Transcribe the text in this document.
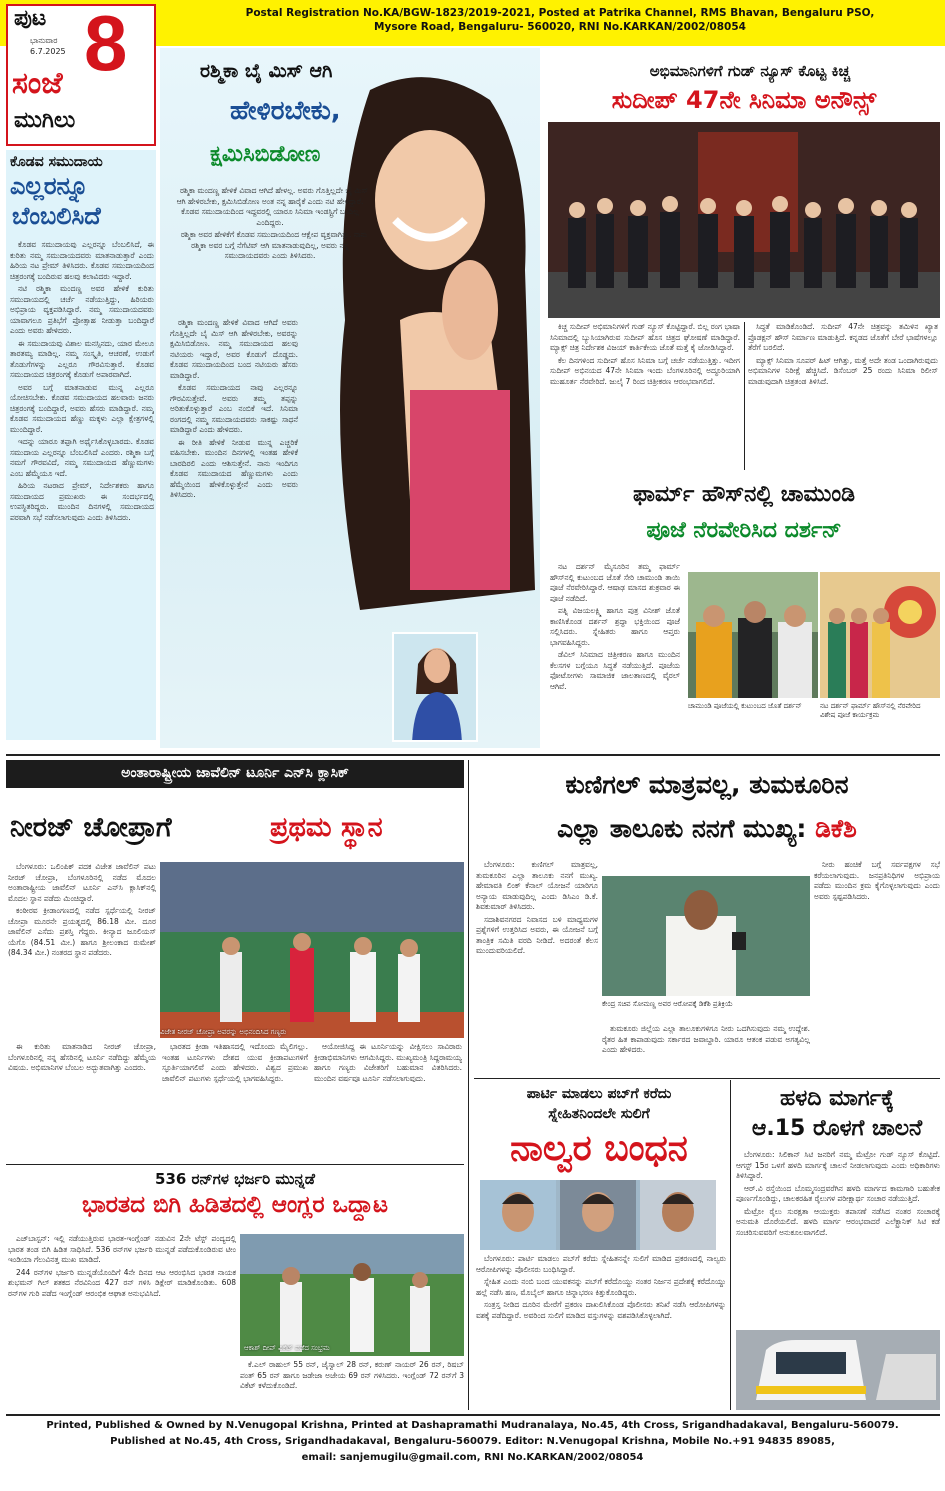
ಪುಟ
ಭಾನುವಾರ
6.7.2025 8
ಸಂಜೆ
ಮುಗಿಲು
Postal Registration No.KA/BGW-1823/2019-2021, Posted at Patrika Channel, RMS Bhavan, Bengaluru PSO, Mysore Road, Bengaluru- 560020, RNI No.KARKAN/2002/08054
ಕೊಡವ ಸಮುದಾಯ
ಎಲ್ಲರನ್ನೂ
ಬೆಂಬಲಿಸಿದೆ

ಕೊಡವ ಸಮುದಾಯವು ಎಲ್ಲರನ್ನೂ ಬೆಂಬಲಿಸಿದೆ, ಈ ಕುರಿತು ನಮ್ಮ ಸಮುದಾಯದವರು ಮಾತನಾಡುತ್ತಾರೆ ಎಂದು ಹಿರಿಯ ನಟ ಪ್ರೇಮ್ ತಿಳಿಸಿದರು. ಕೊಡವ ಸಮುದಾಯದಿಂದ ಚಿತ್ರರಂಗಕ್ಕೆ ಬಂದಿರುವ ಹಲವು ಕಲಾವಿದರು ಇದ್ದಾರೆ.

ನಟಿ ರಶ್ಮಿಕಾ ಮಂದಣ್ಣ ಅವರ ಹೇಳಿಕೆ ಕುರಿತು ಸಮುದಾಯದಲ್ಲಿ ಚರ್ಚೆ ನಡೆಯುತ್ತಿದ್ದು, ಹಿರಿಯರು ಅಭಿಪ್ರಾಯ ವ್ಯಕ್ತಪಡಿಸಿದ್ದಾರೆ. ನಮ್ಮ ಸಮುದಾಯದವರು ಯಾವಾಗಲೂ ಪ್ರತಿಭೆಗೆ ಪ್ರೋತ್ಸಾಹ ನೀಡುತ್ತಾ ಬಂದಿದ್ದಾರೆ ಎಂದು ಅವರು ಹೇಳಿದರು.

ಈ ಸಮುದಾಯವು ವಿಶಾಲ ಮನಸ್ಸಿನದು, ಯಾರ ಮೇಲೂ ತಾರತಮ್ಯ ಮಾಡಿಲ್ಲ. ನಮ್ಮ ಸಂಸ್ಕೃತಿ, ಆಚರಣೆ, ಉಡುಗೆ ತೊಡುಗೆಗಳನ್ನು ಎಲ್ಲರೂ ಗೌರವಿಸುತ್ತಾರೆ. ಕೊಡವ ಸಮುದಾಯದ ಚಿತ್ರರಂಗಕ್ಕೆ ಕೊಡುಗೆ ಅಪಾರವಾಗಿದೆ.

ಅವರ ಬಗ್ಗೆ ಮಾತನಾಡುವ ಮುನ್ನ ಎಲ್ಲರೂ ಯೋಚಿಸಬೇಕು. ಕೊಡವ ಸಮುದಾಯದ ಹಲವಾರು ಜನರು ಚಿತ್ರರಂಗಕ್ಕೆ ಬಂದಿದ್ದಾರೆ, ಅವರು ಹೆಸರು ಮಾಡಿದ್ದಾರೆ. ನಮ್ಮ ಕೊಡವ ಸಮುದಾಯದ ಹೆಣ್ಣು ಮಕ್ಕಳು ಎಲ್ಲಾ ಕ್ಷೇತ್ರಗಳಲ್ಲಿ ಮುಂದಿದ್ದಾರೆ.

ಇದನ್ನು ಯಾರೂ ತಪ್ಪಾಗಿ ಅರ್ಥೈಸಿಕೊಳ್ಳಬಾರದು. ಕೊಡವ ಸಮುದಾಯ ಎಲ್ಲರನ್ನೂ ಬೆಂಬಲಿಸಿದೆ ಎಂದರು. ರಶ್ಮಿಕಾ ಬಗ್ಗೆ ನಮಗೆ ಗೌರವವಿದೆ, ನಮ್ಮ ಸಮುದಾಯದ ಹೆಣ್ಣುಮಗಳು ಎಂಬ ಹೆಮ್ಮೆಯೂ ಇದೆ.

ಹಿರಿಯ ನಟರಾದ ಪ್ರೇಮ್, ನಿರ್ದೇಶಕರು ಹಾಗೂ ಸಮುದಾಯದ ಪ್ರಮುಖರು ಈ ಸಂದರ್ಭದಲ್ಲಿ ಉಪಸ್ಥಿತರಿದ್ದರು. ಮುಂದಿನ ದಿನಗಳಲ್ಲಿ ಸಮುದಾಯದ ಪರವಾಗಿ ಸಭೆ ನಡೆಸಲಾಗುವುದು ಎಂದು ತಿಳಿಸಿದರು.

ರಶ್ಮಿಕಾ ಬೈ ಮಿಸ್ ಆಗಿ
ಹೇಳಿರಬೇಕು,
ಕ್ಷಮಿಸಿಬಿಡೋಣ

ರಶ್ಮಿಕಾ ಮಂದಣ್ಣ ಹೇಳಿಕೆ ವಿವಾದ ಆಗಿದೆ ಹೇಳಲ್ಲ. ಅವರು ಗೊತ್ತಿಲ್ಲದೇ ಬೈ ಮಿಸ್ ಆಗಿ ಹೇಳಿರಬೇಕು, ಕ್ಷಮಿಸಿಬಿಡೋಣ ಅಂತ ನನ್ನ ಹಾರೈಕೆ ಎಂದು ನಟಿ ಹೇಳಿದ್ದಾರೆ. ಕೊಡವ ಸಮುದಾಯದಿಂದ ಇದ್ದವರಲ್ಲಿ ಯಾರೂ ಸಿನಿಮಾ ಇಂಡಸ್ಟ್ರಿಗೆ ಬಂದಿಲ್ಲ ಎಂದಿದ್ದರು.

ರಶ್ಮಿಕಾ ಅವರ ಹೇಳಿಕೆಗೆ ಕೊಡವ ಸಮುದಾಯದಿಂದ ಆಕ್ಷೇಪ ವ್ಯಕ್ತವಾಗಿತ್ತು. ನಾನು ರಶ್ಮಿಕಾ ಅವರ ಬಗ್ಗೆ ನೆಗೆಟಿವ್ ಆಗಿ ಮಾತನಾಡುವುದಿಲ್ಲ, ಅವರು ನನ್ನ ಸಮುದಾಯದವರು ಎಂದು ತಿಳಿಸಿದರು.

ರಶ್ಮಿಕಾ ಮಂದಣ್ಣ ಹೇಳಿಕೆ ವಿವಾದ ಆಗಿದೆ ಅವರು ಗೊತ್ತಿಲ್ಲದೇ ಬೈ ಮಿಸ್ ಆಗಿ ಹೇಳಿರಬೇಕು, ಅವರನ್ನು ಕ್ಷಮಿಸಿಬಿಡೋಣ. ನಮ್ಮ ಸಮುದಾಯದ ಹಲವು ನಟಿಯರು ಇದ್ದಾರೆ, ಅವರ ಕೊಡುಗೆ ದೊಡ್ಡದು. ಕೊಡವ ಸಮುದಾಯದಿಂದ ಬಂದ ನಟಿಯರು ಹೆಸರು ಮಾಡಿದ್ದಾರೆ.

ಕೊಡವ ಸಮುದಾಯದ ನಾವು ಎಲ್ಲರನ್ನೂ ಗೌರವಿಸುತ್ತೇವೆ. ಅವರು ತಮ್ಮ ತಪ್ಪನ್ನು ಅರಿತುಕೊಳ್ಳುತ್ತಾರೆ ಎಂಬ ನಂಬಿಕೆ ಇದೆ. ಸಿನಿಮಾ ರಂಗದಲ್ಲಿ ನಮ್ಮ ಸಮುದಾಯದವರು ಸಾಕಷ್ಟು ಸಾಧನೆ ಮಾಡಿದ್ದಾರೆ ಎಂದು ಹೇಳಿದರು.

ಈ ರೀತಿ ಹೇಳಿಕೆ ನೀಡುವ ಮುನ್ನ ಎಚ್ಚರಿಕೆ ವಹಿಸಬೇಕು. ಮುಂದಿನ ದಿನಗಳಲ್ಲಿ ಇಂತಹ ಹೇಳಿಕೆ ಬಾರದಿರಲಿ ಎಂದು ಆಶಿಸುತ್ತೇನೆ. ನಾನು ಇಂದಿಗೂ ಕೊಡವ ಸಮುದಾಯದ ಹೆಣ್ಣುಮಗಳು ಎಂದು ಹೆಮ್ಮೆಯಿಂದ ಹೇಳಿಕೊಳ್ಳುತ್ತೇನೆ ಎಂದು ಅವರು ತಿಳಿಸಿದರು.

ಅಭಿಮಾನಿಗಳಿಗೆ ಗುಡ್ ನ್ಯೂಸ್ ಕೊಟ್ಟ ಕಿಚ್ಚ
ಸುದೀಪ್ 47ನೇ ಸಿನಿಮಾ ಅನೌನ್ಸ್

ಕಿಚ್ಚ ಸುದೀಪ್ ಅಭಿಮಾನಿಗಳಿಗೆ ಗುಡ್ ನ್ಯೂಸ್ ಕೊಟ್ಟಿದ್ದಾರೆ. ಬಿಲ್ಲ ರಂಗ ಭಾಷಾ ಸಿನಿಮಾದಲ್ಲಿ ಬ್ಯುಸಿಯಾಗಿರುವ ಸುದೀಪ್ ಹೊಸ ಚಿತ್ರದ ಘೋಷಣೆ ಮಾಡಿದ್ದಾರೆ. ಮ್ಯಾಕ್ಸ್ ಚಿತ್ರ ನಿರ್ದೇಶಕ ವಿಜಯ್ ಕಾರ್ತಿಕೇಯ ಜೊತೆ ಮತ್ತೆ ಕೈ ಜೋಡಿಸಿದ್ದಾರೆ.

ಕೆಲ ದಿನಗಳಿಂದ ಸುದೀಪ್ ಹೊಸ ಸಿನಿಮಾ ಬಗ್ಗೆ ಚರ್ಚೆ ನಡೆಯುತ್ತಿತ್ತು. ಇದೀಗ ಸುದೀಪ್ ಅಭಿನಯದ 47ನೇ ಸಿನಿಮಾ ಇಂದು ಬೆಂಗಳೂರಿನಲ್ಲಿ ಅದ್ಧೂರಿಯಾಗಿ ಮುಹೂರ್ತ ನೆರವೇರಿದೆ. ಜುಲೈ 7 ರಿಂದ ಚಿತ್ರೀಕರಣ ಆರಂಭವಾಗಲಿದೆ.

ಸಿದ್ಧತೆ ಮಾಡಿಕೊಂಡಿದೆ. ಸುದೀಪ್ 47ನೇ ಚಿತ್ರವನ್ನು ತಮಿಳಿನ ಖ್ಯಾತ ಪ್ರೊಡಕ್ಷನ್ ಹೌಸ್ ನಿರ್ಮಾಣ ಮಾಡುತ್ತಿದೆ. ಕನ್ನಡದ ಜೊತೆಗೆ ಬೇರೆ ಭಾಷೆಗಳಲ್ಲೂ ತೆರೆಗೆ ಬರಲಿದೆ.

ಮ್ಯಾಕ್ಸ್ ಸಿನಿಮಾ ಸೂಪರ್ ಹಿಟ್ ಆಗಿತ್ತು, ಮತ್ತೆ ಅದೇ ತಂಡ ಒಂದಾಗಿರುವುದು ಅಭಿಮಾನಿಗಳ ನಿರೀಕ್ಷೆ ಹೆಚ್ಚಿಸಿದೆ. ಡಿಸೆಂಬರ್ 25 ರಂದು ಸಿನಿಮಾ ರಿಲೀಸ್ ಮಾಡುವುದಾಗಿ ಚಿತ್ರತಂಡ ತಿಳಿಸಿದೆ.

ಫಾರ್ಮ್ ಹೌಸ್‌ನಲ್ಲಿ ಚಾಮುಂಡಿ
ಪೂಜೆ ನೆರವೇರಿಸಿದ ದರ್ಶನ್

ನಟ ದರ್ಶನ್ ಮೈಸೂರಿನ ತಮ್ಮ ಫಾರ್ಮ್ ಹೌಸ್‌ನಲ್ಲಿ ಕುಟುಂಬದ ಜೊತೆ ಸೇರಿ ಚಾಮುಂಡಿ ತಾಯಿ ಪೂಜೆ ನೆರವೇರಿಸಿದ್ದಾರೆ. ಆಷಾಢ ಮಾಸದ ಶುಕ್ರವಾರ ಈ ಪೂಜೆ ನಡೆದಿದೆ.

ಪತ್ನಿ ವಿಜಯಲಕ್ಷ್ಮಿ ಹಾಗೂ ಪುತ್ರ ವಿನೀಶ್ ಜೊತೆ ಕಾಣಿಸಿಕೊಂಡ ದರ್ಶನ್ ಶ್ರದ್ಧಾ ಭಕ್ತಿಯಿಂದ ಪೂಜೆ ಸಲ್ಲಿಸಿದರು. ಸ್ನೇಹಿತರು ಹಾಗೂ ಆಪ್ತರು ಭಾಗವಹಿಸಿದ್ದರು.

ಡೆವಿಲ್ ಸಿನಿಮಾದ ಚಿತ್ರೀಕರಣ ಹಾಗೂ ಮುಂದಿನ ಕೆಲಸಗಳ ಬಗ್ಗೆಯೂ ಸಿದ್ಧತೆ ನಡೆಯುತ್ತಿದೆ. ಪೂಜೆಯ ಫೋಟೋಗಳು ಸಾಮಾಜಿಕ ಜಾಲತಾಣದಲ್ಲಿ ವೈರಲ್ ಆಗಿವೆ.

ಚಾಮುಂಡಿ ಪೂಜೆಯಲ್ಲಿ ಕುಟುಂಬದ ಜೊತೆ ದರ್ಶನ್	ನಟ ದರ್ಶನ್ ಫಾರ್ಮ್ ಹೌಸ್‌ನಲ್ಲಿ ನೆರವೇರಿದ ವಿಶೇಷ ಪೂಜೆ ಕಾರ್ಯಕ್ರಮ
ಅಂತಾರಾಷ್ಟ್ರೀಯ ಜಾವೆಲಿನ್ ಟೂರ್ನಿ ಎನ್‌ಸಿ ಕ್ಲಾಸಿಕ್
ನೀರಜ್ ಚೋಪ್ರಾಗೆ	ಪ್ರಥಮ ಸ್ಥಾನ

ಬೆಂಗಳೂರು: ಒಲಿಂಪಿಕ್ ಪದಕ ವಿಜೇತ ಜಾವೆಲಿನ್ ಪಟು ನೀರಜ್ ಚೋಪ್ರಾ, ಬೆಂಗಳೂರಿನಲ್ಲಿ ನಡೆದ ಮೊದಲ ಅಂತಾರಾಷ್ಟ್ರೀಯ ಜಾವೆಲಿನ್ ಟೂರ್ನಿ ಎನ್‌ಸಿ ಕ್ಲಾಸಿಕ್‌ನಲ್ಲಿ ಮೊದಲ ಸ್ಥಾನ ಪಡೆದು ಮಿಂಚಿದ್ದಾರೆ.

ಕಂಠೀರವ ಕ್ರೀಡಾಂಗಣದಲ್ಲಿ ನಡೆದ ಸ್ಪರ್ಧೆಯಲ್ಲಿ ನೀರಜ್ ಚೋಪ್ರಾ ಮೂರನೇ ಪ್ರಯತ್ನದಲ್ಲಿ 86.18 ಮೀ. ದೂರ ಜಾವೆಲಿನ್ ಎಸೆದು ಪ್ರಶಸ್ತಿ ಗೆದ್ದರು. ಕೀನ್ಯಾದ ಜೂಲಿಯಸ್ ಯೆಗೊ (84.51 ಮೀ.) ಹಾಗೂ ಶ್ರೀಲಂಕಾದ ರುಮೇಶ್ (84.34 ಮೀ.) ನಂತರದ ಸ್ಥಾನ ಪಡೆದರು.

ಈ ಕುರಿತು ಮಾತನಾಡಿದ ನೀರಜ್ ಚೋಪ್ರಾ, ಬೆಂಗಳೂರಿನಲ್ಲಿ ನನ್ನ ಹೆಸರಿನಲ್ಲಿ ಟೂರ್ನಿ ನಡೆದಿದ್ದು ಹೆಮ್ಮೆಯ ವಿಷಯ. ಅಭಿಮಾನಿಗಳ ಬೆಂಬಲ ಅದ್ಭುತವಾಗಿತ್ತು ಎಂದರು.

ಭಾರತದ ಕ್ರೀಡಾ ಇತಿಹಾಸದಲ್ಲಿ ಇದೊಂದು ಮೈಲಿಗಲ್ಲು. ಇಂತಹ ಟೂರ್ನಿಗಳು ದೇಶದ ಯುವ ಕ್ರೀಡಾಪಟುಗಳಿಗೆ ಸ್ಫೂರ್ತಿಯಾಗಲಿವೆ ಎಂದು ಹೇಳಿದರು. ವಿಶ್ವದ ಪ್ರಮುಖ ಜಾವೆಲಿನ್ ಪಟುಗಳು ಸ್ಪರ್ಧೆಯಲ್ಲಿ ಭಾಗವಹಿಸಿದ್ದರು.

ಆಯೋಜಿಸಿದ್ದ ಈ ಟೂರ್ನಿಯನ್ನು ವೀಕ್ಷಿಸಲು ಸಾವಿರಾರು ಕ್ರೀಡಾಭಿಮಾನಿಗಳು ಆಗಮಿಸಿದ್ದರು. ಮುಖ್ಯಮಂತ್ರಿ ಸಿದ್ದರಾಮಯ್ಯ ಹಾಗೂ ಗಣ್ಯರು ವಿಜೇತರಿಗೆ ಬಹುಮಾನ ವಿತರಿಸಿದರು. ಮುಂದಿನ ವರ್ಷವೂ ಟೂರ್ನಿ ನಡೆಸಲಾಗುವುದು.

ವಿಜೇತ ನೀರಜ್ ಚೋಪ್ರಾ ಅವರನ್ನು ಅಭಿನಂದಿಸಿದ ಗಣ್ಯರು
536 ರನ್‌ಗಳ ಭರ್ಜರಿ ಮುನ್ನಡೆ
ಭಾರತದ ಬಿಗಿ ಹಿಡಿತದಲ್ಲಿ ಆಂಗ್ಲರ ಒದ್ದಾಟ

ಎಜ್‌ಬಾಸ್ಟನ್: ಇಲ್ಲಿ ನಡೆಯುತ್ತಿರುವ ಭಾರತ-ಇಂಗ್ಲೆಂಡ್ ನಡುವಿನ 2ನೇ ಟೆಸ್ಟ್ ಪಂದ್ಯದಲ್ಲಿ ಭಾರತ ತಂಡ ಬಿಗಿ ಹಿಡಿತ ಸಾಧಿಸಿದೆ. 536 ರನ್‌ಗಳ ಭರ್ಜರಿ ಮುನ್ನಡೆ ಪಡೆದುಕೊಂಡಿರುವ ಟೀಂ ಇಂಡಿಯಾ ಗೆಲುವಿನತ್ತ ಮುಖ ಮಾಡಿದೆ.

244 ರನ್‌ಗಳ ಭರ್ಜರಿ ಮುನ್ನಡೆಯೊಂದಿಗೆ 4ನೇ ದಿನದ ಆಟ ಆರಂಭಿಸಿದ ಭಾರತ ನಾಯಕ ಶುಭಮನ್ ಗಿಲ್ ಶತಕದ ನೆರವಿನಿಂದ 427 ರನ್ ಗಳಿಸಿ ಡಿಕ್ಲೇರ್ ಮಾಡಿಕೊಂಡಿತು. 608 ರನ್‌ಗಳ ಗುರಿ ಪಡೆದ ಇಂಗ್ಲೆಂಡ್ ಆರಂಭಿಕ ಆಘಾತ ಅನುಭವಿಸಿದೆ.

ಕೆ.ಎಲ್ ರಾಹುಲ್ 55 ರನ್, ಜೈಸ್ವಾಲ್ 28 ರನ್, ಕರುಣ್ ನಾಯರ್ 26 ರನ್, ರಿಷಬ್ ಪಂತ್ 65 ರನ್ ಹಾಗೂ ಜಡೇಜಾ ಅಜೇಯ 69 ರನ್ ಗಳಿಸಿದರು. ಇಂಗ್ಲೆಂಡ್ 72 ರನ್‌ಗೆ 3 ವಿಕೆಟ್ ಕಳೆದುಕೊಂಡಿದೆ.

ಆಕಾಶ್ ದೀಪ್ ವಿಕೆಟ್ ಪಡೆದ ಸಂಭ್ರಮ
ಕುಣಿಗಲ್ ಮಾತ್ರವಲ್ಲ, ತುಮಕೂರಿನ
ಎಲ್ಲಾ ತಾಲೂಕು ನನಗೆ ಮುಖ್ಯ: ಡಿಕೆಶಿ

ಬೆಂಗಳೂರು: ಕುಣಿಗಲ್ ಮಾತ್ರವಲ್ಲ, ತುಮಕೂರಿನ ಎಲ್ಲಾ ತಾಲೂಕು ನನಗೆ ಮುಖ್ಯ. ಹೇಮಾವತಿ ಲಿಂಕ್ ಕೆನಾಲ್ ಯೋಜನೆ ಯಾರಿಗೂ ಅನ್ಯಾಯ ಮಾಡುವುದಿಲ್ಲ ಎಂದು ಡಿಸಿಎಂ ಡಿ.ಕೆ. ಶಿವಕುಮಾರ್ ತಿಳಿಸಿದರು.

ಸದಾಶಿವನಗರದ ನಿವಾಸದ ಬಳಿ ಮಾಧ್ಯಮಗಳ ಪ್ರಶ್ನೆಗಳಿಗೆ ಉತ್ತರಿಸಿದ ಅವರು, ಈ ಯೋಜನೆ ಬಗ್ಗೆ ತಾಂತ್ರಿಕ ಸಮಿತಿ ವರದಿ ನೀಡಿದೆ. ಅದರಂತೆ ಕೆಲಸ ಮುಂದುವರಿಯಲಿದೆ.

ಕೇಂದ್ರ ಸಚಿವ ಸೋಮಣ್ಣ ಅವರ ಆರೋಪಕ್ಕೆ ಡಿಕೆಶಿ ಪ್ರತಿಕ್ರಿಯೆ

ತುಮಕೂರು ಜಿಲ್ಲೆಯ ಎಲ್ಲಾ ತಾಲೂಕುಗಳಿಗೂ ನೀರು ಒದಗಿಸುವುದು ನಮ್ಮ ಉದ್ದೇಶ. ರೈತರ ಹಿತ ಕಾಪಾಡುವುದು ಸರ್ಕಾರದ ಜವಾಬ್ದಾರಿ. ಯಾರೂ ಆತಂಕ ಪಡುವ ಅಗತ್ಯವಿಲ್ಲ ಎಂದು ಹೇಳಿದರು.

ನೀರು ಹಂಚಿಕೆ ಬಗ್ಗೆ ಸರ್ವಪಕ್ಷಗಳ ಸಭೆ ಕರೆಯಲಾಗುವುದು. ಜನಪ್ರತಿನಿಧಿಗಳ ಅಭಿಪ್ರಾಯ ಪಡೆದು ಮುಂದಿನ ಕ್ರಮ ಕೈಗೊಳ್ಳಲಾಗುವುದು ಎಂದು ಅವರು ಸ್ಪಷ್ಟಪಡಿಸಿದರು.

ಪಾರ್ಟಿ ಮಾಡಲು ಪಬ್‌ಗೆ ಕರೆದು
ಸ್ನೇಹಿತನಿಂದಲೇ ಸುಲಿಗೆ
ನಾಲ್ವರ ಬಂಧನ

ಬೆಂಗಳೂರು: ಪಾರ್ಟಿ ಮಾಡಲು ಪಬ್‌ಗೆ ಕರೆದು ಸ್ನೇಹಿತನನ್ನೇ ಸುಲಿಗೆ ಮಾಡಿದ ಪ್ರಕರಣದಲ್ಲಿ ನಾಲ್ವರು ಆರೋಪಿಗಳನ್ನು ಪೊಲೀಸರು ಬಂಧಿಸಿದ್ದಾರೆ.

ಸ್ನೇಹಿತ ಎಂದು ನಂಬಿ ಬಂದ ಯುವಕನನ್ನು ಪಬ್‌ಗೆ ಕರೆದೊಯ್ದು ನಂತರ ನಿರ್ಜನ ಪ್ರದೇಶಕ್ಕೆ ಕರೆದೊಯ್ದು ಹಲ್ಲೆ ನಡೆಸಿ ಹಣ, ಮೊಬೈಲ್ ಹಾಗೂ ಚಿನ್ನಾಭರಣ ಕಿತ್ತುಕೊಂಡಿದ್ದರು.

ಸಂತ್ರಸ್ತ ನೀಡಿದ ದೂರಿನ ಮೇರೆಗೆ ಪ್ರಕರಣ ದಾಖಲಿಸಿಕೊಂಡ ಪೊಲೀಸರು ತನಿಖೆ ನಡೆಸಿ ಆರೋಪಿಗಳನ್ನು ವಶಕ್ಕೆ ಪಡೆದಿದ್ದಾರೆ. ಅವರಿಂದ ಸುಲಿಗೆ ಮಾಡಿದ ವಸ್ತುಗಳನ್ನು ವಶಪಡಿಸಿಕೊಳ್ಳಲಾಗಿದೆ.

ಹಳದಿ ಮಾರ್ಗಕ್ಕೆ
ಆ.15 ರೊಳಗೆ ಚಾಲನೆ

ಬೆಂಗಳೂರು: ಸಿಲಿಕಾನ್ ಸಿಟಿ ಜನರಿಗೆ ನಮ್ಮ ಮೆಟ್ರೋ ಗುಡ್ ನ್ಯೂಸ್ ಕೊಟ್ಟಿದೆ. ಆಗಸ್ಟ್ 15ರ ಒಳಗೆ ಹಳದಿ ಮಾರ್ಗಕ್ಕೆ ಚಾಲನೆ ನೀಡಲಾಗುವುದು ಎಂದು ಅಧಿಕಾರಿಗಳು ತಿಳಿಸಿದ್ದಾರೆ.

ಆರ್.ವಿ ರಸ್ತೆಯಿಂದ ಬೊಮ್ಮಸಂದ್ರವರೆಗಿನ ಹಳದಿ ಮಾರ್ಗದ ಕಾಮಗಾರಿ ಬಹುತೇಕ ಪೂರ್ಣಗೊಂಡಿದ್ದು, ಚಾಲಕರಹಿತ ರೈಲುಗಳ ಪರೀಕ್ಷಾರ್ಥ ಸಂಚಾರ ನಡೆಯುತ್ತಿದೆ.

ಮೆಟ್ರೋ ರೈಲು ಸುರಕ್ಷತಾ ಆಯುಕ್ತರು ತಪಾಸಣೆ ನಡೆಸಿದ ನಂತರ ಸಂಚಾರಕ್ಕೆ ಅನುಮತಿ ದೊರೆಯಲಿದೆ. ಹಳದಿ ಮಾರ್ಗ ಆರಂಭವಾದರೆ ಎಲೆಕ್ಟ್ರಾನಿಕ್ ಸಿಟಿ ಕಡೆ ಸಂಚರಿಸುವವರಿಗೆ ಅನುಕೂಲವಾಗಲಿದೆ.

Printed, Published & Owned by N.Venugopal Krishna, Printed at Dashapramathi Mudranalaya, No.45, 4th Cross, Srigandhadakaval, Bengaluru-560079.
Published at No.45, 4th Cross, Srigandhadakaval, Bengaluru-560079. Editor: N.Venugopal Krishna, Mobile No.+91 94835 89085,
email: sanjemugilu@gmail.com, RNI No.KARKAN/2002/08054
